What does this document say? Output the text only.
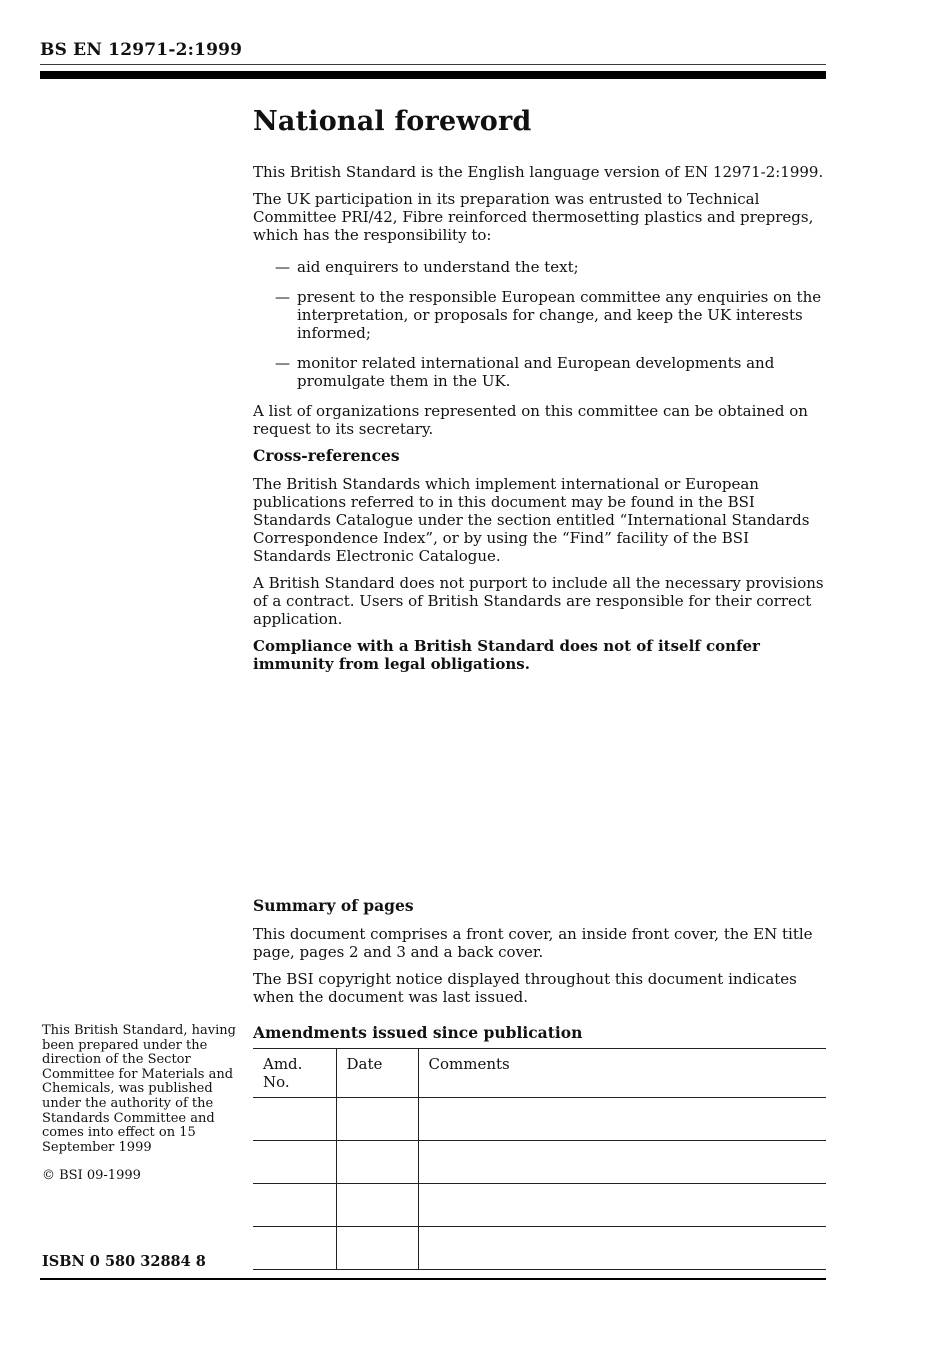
BS EN 12971-2:1999
National foreword

This British Standard is the English language version of EN 12971-2:1999.

The UK participation in its preparation was entrusted to Technical Committee PRI/42, Fibre reinforced thermosetting plastics and prepregs, which has the responsibility to:

— aid enquirers to understand the text;
— present to the responsible European committee any enquiries on the interpretation, or proposals for change, and keep the UK interests informed;
— monitor related international and European developments and promulgate them in the UK.

A list of organizations represented on this committee can be obtained on request to its secretary.

Cross-references

The British Standards which implement international or European publications referred to in this document may be found in the BSI Standards Catalogue under the section entitled “International Standards Correspondence Index”, or by using the “Find” facility of the BSI Standards Electronic Catalogue.

A British Standard does not purport to include all the necessary provisions of a contract. Users of British Standards are responsible for their correct application.

Compliance with a British Standard does not of itself confer immunity from legal obligations.

Summary of pages

This document comprises a front cover, an inside front cover, the EN title page, pages 2 and 3 and a back cover.

The BSI copyright notice displayed throughout this document indicates when the document was last issued.

This British Standard, having been prepared under the direction of the Sector Committee for Materials and Chemicals, was published under the authority of the Standards Committee and comes into effect on 15 September 1999
© BSI 09-1999
ISBN 0 580 32884 8
Amendments issued since publication
Amd. No.	Date	Comments
